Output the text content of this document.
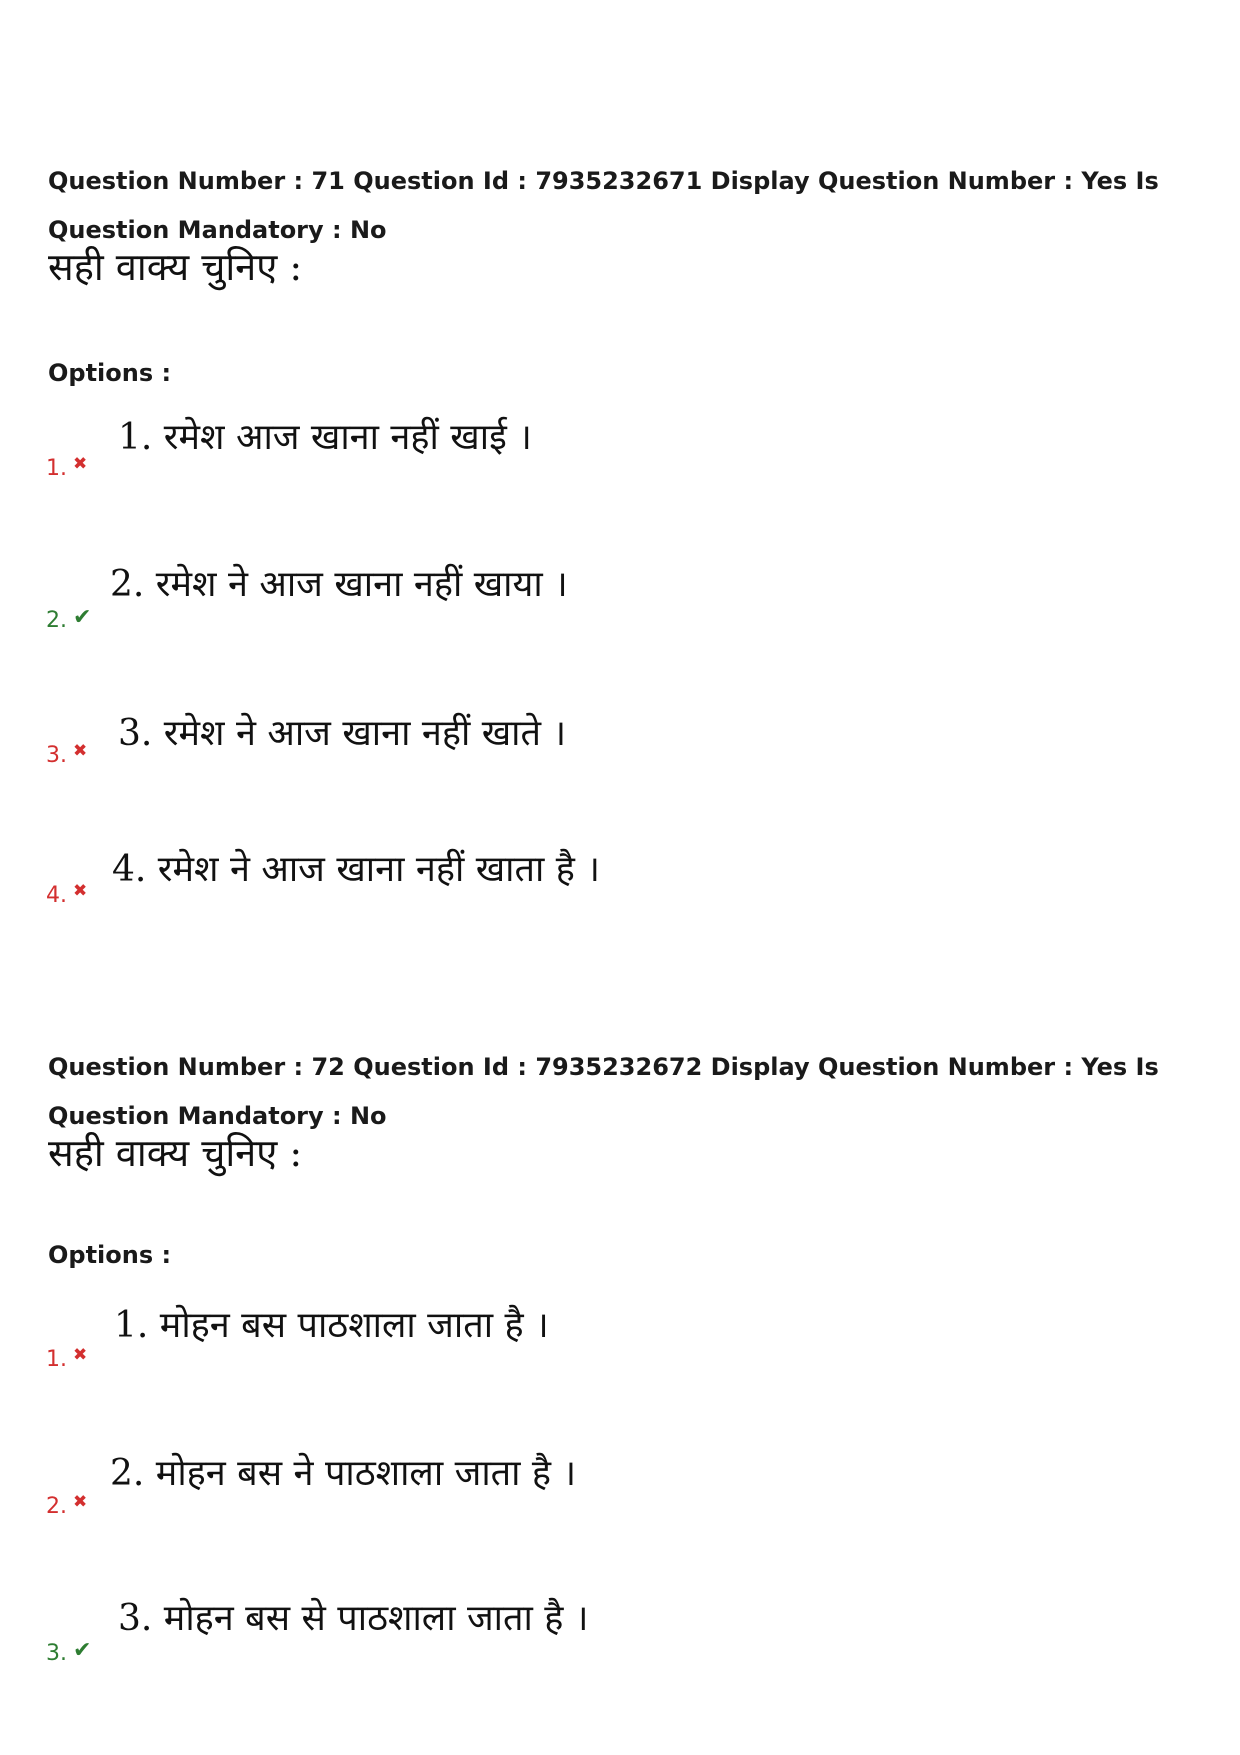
Question Number : 71 Question Id : 7935232671 Display Question Number : Yes Is Question Mandatory : No
सही वाक्य चुनिए :
Options :
1. रमेश आज खाना नहीं खाई ।
1. ✖
2. रमेश ने आज खाना नहीं खाया ।
2. ✔
3. रमेश ने आज खाना नहीं खाते ।
3. ✖
4. रमेश ने आज खाना नहीं खाता है ।
4. ✖
Question Number : 72 Question Id : 7935232672 Display Question Number : Yes Is Question Mandatory : No
सही वाक्य चुनिए :
Options :
1. मोहन बस पाठशाला जाता है ।
1. ✖
2. मोहन बस ने पाठशाला जाता है ।
2. ✖
3. मोहन बस से पाठशाला जाता है ।
3. ✔
